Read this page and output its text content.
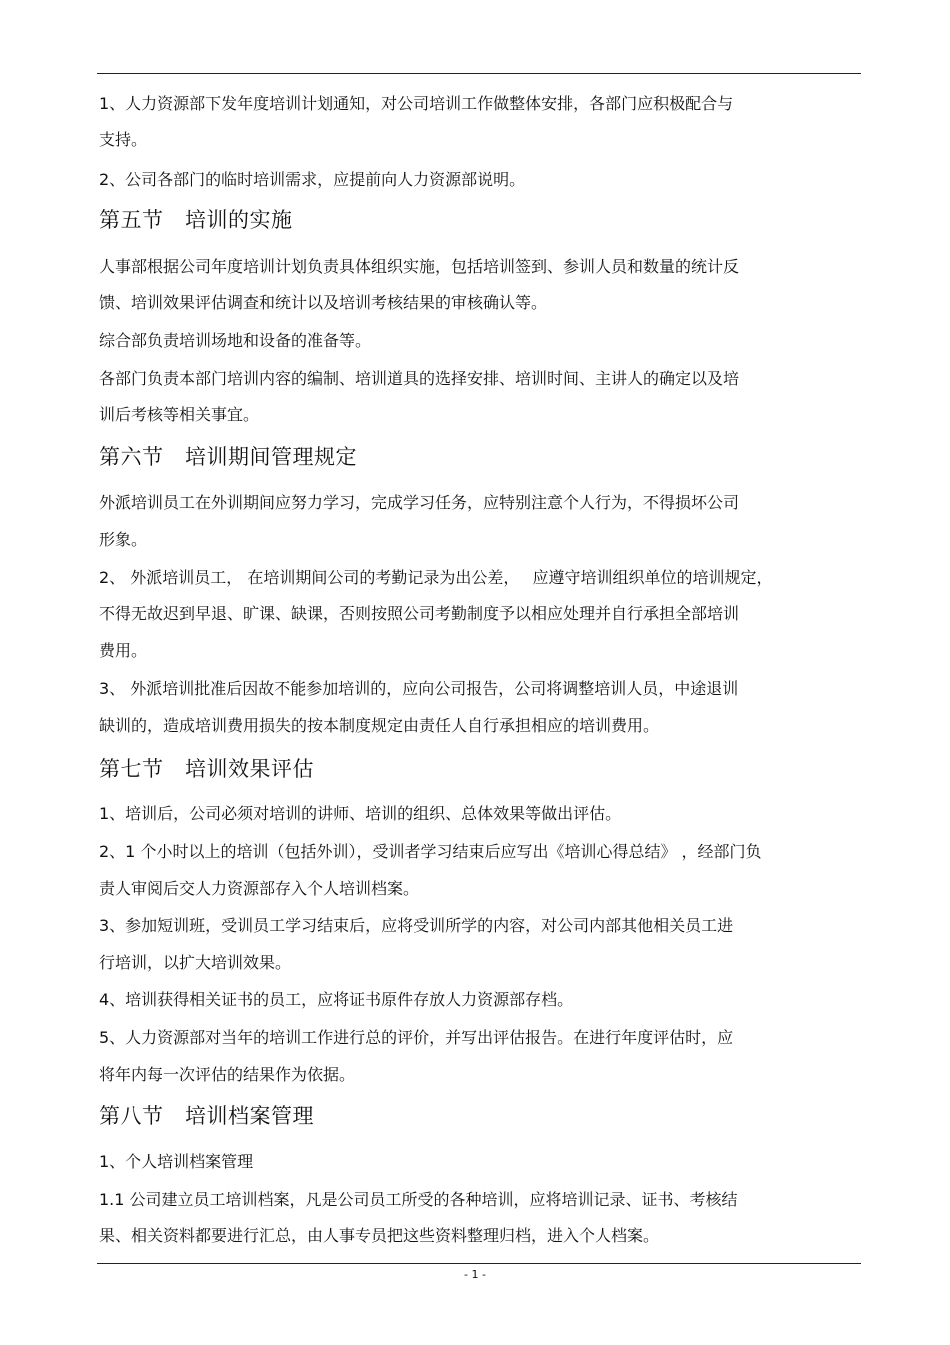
1、人力资源部下发年度培训计划通知，对公司培训工作做整体安排，各部门应积极配合与
支持。
2、公司各部门的临时培训需求，应提前向人力资源部说明。
第五节　培训的实施
人事部根据公司年度培训计划负责具体组织实施，包括培训签到、参训人员和数量的统计反
馈、培训效果评估调查和统计以及培训考核结果的审核确认等。
综合部负责培训场地和设备的准备等。
各部门负责本部门培训内容的编制、培训道具的选择安排、培训时间、主讲人的确定以及培
训后考核等相关事宜。
第六节　培训期间管理规定
外派培训员工在外训期间应努力学习，完成学习任务，应特别注意个人行为，不得损坏公司
形象。
2、 外派培训员工， 在培训期间公司的考勤记录为出公差，　 应遵守培训组织单位的培训规定，
不得无故迟到早退、旷课、缺课，否则按照公司考勤制度予以相应处理并自行承担全部培训
费用。
3、 外派培训批准后因故不能参加培训的，应向公司报告，公司将调整培训人员，中途退训
缺训的，造成培训费用损失的按本制度规定由责任人自行承担相应的培训费用。
第七节　培训效果评估
1、培训后，公司必须对培训的讲师、培训的组织、总体效果等做出评估。
2、1 个小时以上的培训（包括外训），受训者学习结束后应写出《培训心得总结》 ，经部门负
责人审阅后交人力资源部存入个人培训档案。
3、参加短训班，受训员工学习结束后，应将受训所学的内容，对公司内部其他相关员工进
行培训，以扩大培训效果。
4、培训获得相关证书的员工，应将证书原件存放人力资源部存档。
5、人力资源部对当年的培训工作进行总的评价，并写出评估报告。在进行年度评估时，应
将年内每一次评估的结果作为依据。
第八节　培训档案管理
1、个人培训档案管理
1.1 公司建立员工培训档案，凡是公司员工所受的各种培训，应将培训记录、证书、考核结
果、相关资料都要进行汇总，由人事专员把这些资料整理归档，进入个人档案。
- 1 -
